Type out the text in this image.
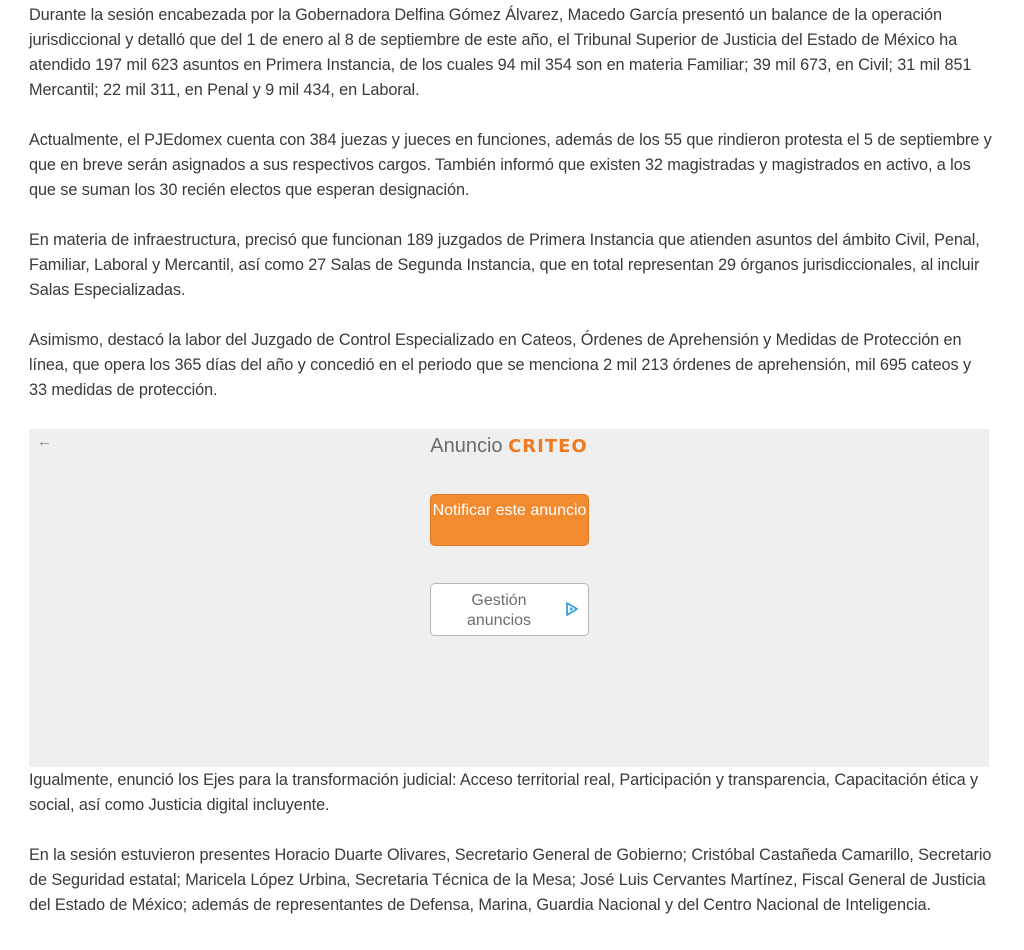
Durante la sesión encabezada por la Gobernadora Delfina Gómez Álvarez, Macedo García presentó un balance de la operación jurisdiccional y detalló que del 1 de enero al 8 de septiembre de este año, el Tribunal Superior de Justicia del Estado de México ha atendido 197 mil 623 asuntos en Primera Instancia, de los cuales 94 mil 354 son en materia Familiar; 39 mil 673, en Civil; 31 mil 851 Mercantil; 22 mil 311, en Penal y 9 mil 434, en Laboral.

Actualmente, el PJEdomex cuenta con 384 juezas y jueces en funciones, además de los 55 que rindieron protesta el 5 de septiembre y que en breve serán asignados a sus respectivos cargos. También informó que existen 32 magistradas y magistrados en activo, a los que se suman los 30 recién electos que esperan designación.

En materia de infraestructura, precisó que funcionan 189 juzgados de Primera Instancia que atienden asuntos del ámbito Civil, Penal, Familiar, Laboral y Mercantil, así como 27 Salas de Segunda Instancia, que en total representan 29 órganos jurisdiccionales, al incluir Salas Especializadas.

Asimismo, destacó la labor del Juzgado de Control Especializado en Cateos, Órdenes de Aprehensión y Medidas de Protección en línea, que opera los 365 días del año y concedió en el periodo que se menciona 2 mil 213 órdenes de aprehensión, mil 695 cateos y 33 medidas de protección.

←	Anuncio CRITEO
Notificar este anuncio
Gestión anuncios

Igualmente, enunció los Ejes para la transformación judicial: Acceso territorial real, Participación y transparencia, Capacitación ética y social, así como Justicia digital incluyente.

En la sesión estuvieron presentes Horacio Duarte Olivares, Secretario General de Gobierno; Cristóbal Castañeda Camarillo, Secretario de Seguridad estatal; Maricela López Urbina, Secretaria Técnica de la Mesa; José Luis Cervantes Martínez, Fiscal General de Justicia del Estado de México; además de representantes de Defensa, Marina, Guardia Nacional y del Centro Nacional de Inteligencia.
